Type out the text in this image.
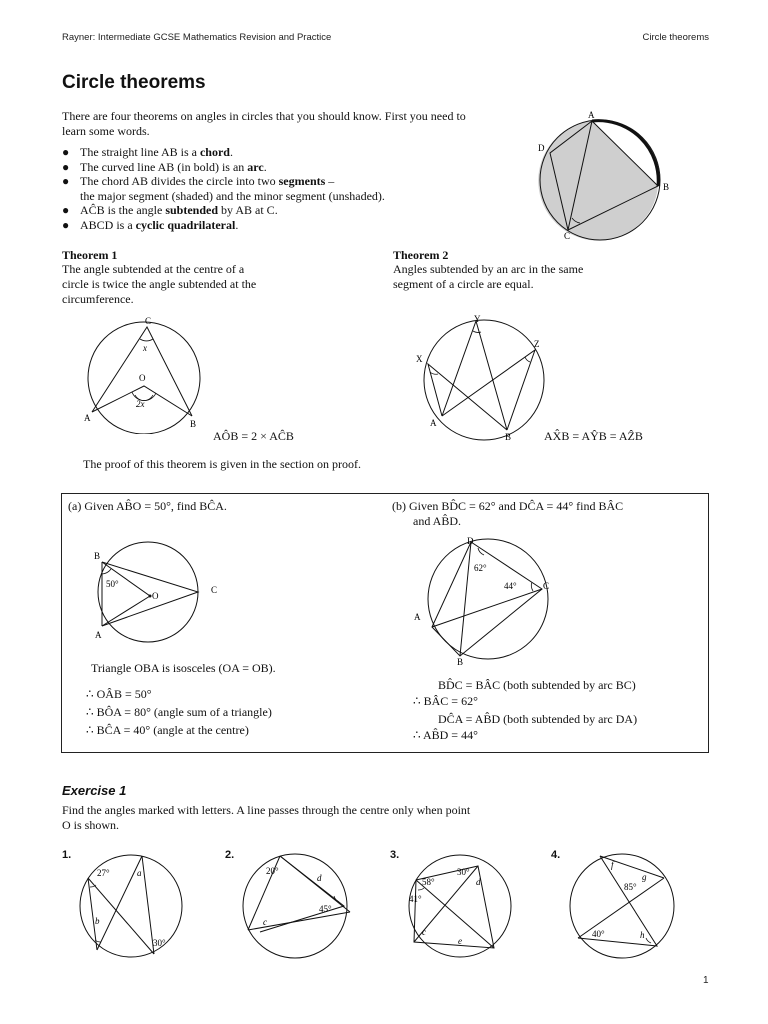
Rayner: Intermediate GCSE Mathematics Revision and Practice	Circle theorems
Circle theorems
There are four theorems on angles in circles that you should know. First you need to
learn some words.
● The straight line AB is a chord.
● The curved line AB (in bold) is an arc.
● The chord AB divides the circle into two segments –
the major segment (shaded) and the minor segment (unshaded).
● AĈB is the angle subtended by AB at C.
● ABCD is a cyclic quadrilateral.
A
B
C
D
Theorem 1
The angle subtended at the centre of a
circle is twice the angle subtended at the
circumference.
C
x
O
2x
A
B
AÔB = 2 × AĈB
Theorem 2
Angles subtended by an arc in the same
segment of a circle are equal.
Y
X
Z
A
B	AX̂B = AŶB = AẐB
The proof of this theorem is given in the section on proof.
(a) Given AB̂O = 50°, find BĈA.
B
50°
O
C
A
Triangle OBA is isosceles (OA = OB).
∴ OÂB = 50°
∴ BÔA = 80° (angle sum of a triangle)
∴ BĈA = 40° (angle at the centre)
(b) Given BD̂C = 62° and DĈA = 44° find BÂC
and AB̂D.
D
62°
44°	C
A
B
BD̂C = BÂC (both subtended by arc BC)
∴ BÂC = 62°
DĈA = AB̂D (both subtended by arc DA)
∴ AB̂D = 44°
Exercise 1
Find the angles marked with letters. A line passes through the centre only when point
O is shown.
1.
27°	a
b
30°
2.
20°
d
45°
c
3.
30°
58°	d
41°
c
e
4.
f
g
85°
40°	h
1
